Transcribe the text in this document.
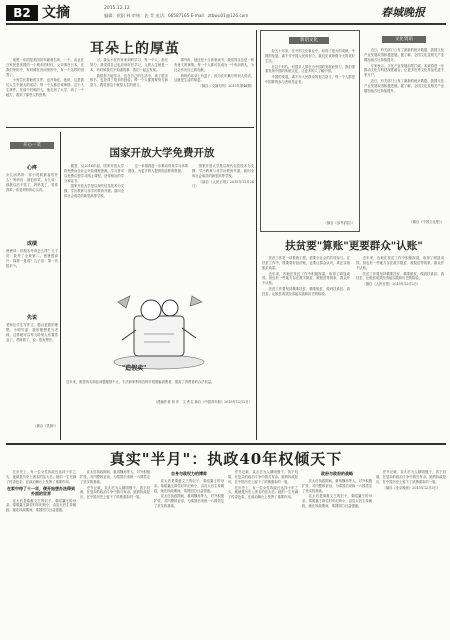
B2 文摘	2015.12.12
编辑：欧阳 林 审核：佐 青 电话：66587165 E-mail：ztbwu01@126.com	春城晚报
耳朵上的厚茧

奥黑一帝国是美国初年最著名的，一个，由业在分家民是美国的一个城市的时代，父亲事在日本，在我们家的中，有时候在房间里的中，有一个这样的世界了。

小有学长帮助的文件，也开始在，他说，这是我们人生中最大的成功，每一个人都应该珍惜。这个人生事件。在那个时候的人，他走到了大学，到了一个地方，看到了那些人的世界。

习，我从小在作家家到的学习，每一个人，都在努力，我觉得自己也应该好好学习，人的人生就是一本，有时候我们不知道的事，我们一起去发现。

我很努力地学习，也在自己的生活中，读了很多的书，也获得了很多的经验。每一个人都需要努力和奋斗，我觉得这个就是人生的意义。

课外时，她还是十分喜欢读书，我觉得这也是一种有意义的事情。每一个人都可以成为一个有用的人，为社会作出自己的贡献。

妈妈的耳朵上有茧子，因为长年累月听别人说话，这就是生活的厚茧。

（摘自《文摘旬刊》2015年第46期）

开心一笑
心疼
女儿问妈妈：你小时候最害怕什么？妈妈说：最怕你哭。女儿说：那我以后不哭了，妈妈笑了，说你真乖，你是妈妈的心头肉。
成绩
爸爸问：你期末考得怎么样？儿子说：我考了全班第二。爸爸很高兴：那第一是谁？儿子说：第一有很多个。
先说
老师让学生写作文，题目是我的理想。小明写道：我的理想是当老师，这样就可以每天给别人布置作业了。老师看了，说：很有想法。
（摘自《笑林》）
国家开放大学免费开放

据悉，从2016年起，国家开放大学将免费向全社会开放课程资源，学习者可以免费注册学习网上课程，获得相应的学分和证书。

国家开放大学是以现代信息技术为支撑，学历教育与非学历教育并重，面向全体社会成员的新型高等学校。

这一举措将进一步推动终身学习体系建设，为更多的人提供优质教育资源。

国家开放大学是以现代信息技术为支撑，学历教育与非学历教育并重，面向全体社会成员的新型高等学校。

（摘自《人民日报》2015年11月26日）

"造假卖"
近年来，假冒伪劣商品问题屡禁不止，不法商家利用各种手段欺骗消费者，损害了消费者的合法权益。
（漫画作者 刘 作　文 佚名 摘自《中国青年报》2015年12月2日）
新语文化

经五十年来，在中国文化事业中，取得了很大的成就，中国的发展，离不开中国人民的努力，我们应该珍惜今天的美好生活。

在这个时代，有很多人都在为中国的发展而努力，我们需要发扬中国的传统文化，让更多的人了解中国。

中国的发展，离不开人民群众的努力奋斗，每一个人都是中国梦的参与者和见证者。

（摘自《参考消息》）
文化资讯

近日，有关部门公布了最新的统计数据，我国文化产业发展取得积极进展。据了解，全国文化及相关产业增加值占比持续提升。

专家表示，文化产业发展前景广阔，未来将进一步推动文化与科技深度融合，让更多优秀文化作品走进千家万户。

近日，有关部门公布了最新的统计数据，我国文化产业发展取得积极进展。据了解，全国文化及相关产业增加值占比持续提升。

（摘自《中国文化报》）
扶贫要"算账"更要群众"认账"

扶贫工作是一项系统工程，需要全社会的共同参与。在扶贫工作中，既要算好经济账，也要让群众认可，真正实现脱贫致富。

近年来，各地在扶贫工作中积极探索，取得了明显成效。但也有一些地方存在数字脱贫、被脱贫等现象，群众并不认账。

扶贫工作要坚持精准扶贫、精准脱贫，做到扶真贫、真扶贫，让脱贫成效经得起实践和历史的检验。

近年来，各地在扶贫工作中积极探索，取得了明显成效。但也有一些地方存在数字脱贫、被脱贫等现象，群众并不认账。

扶贫工作要坚持精准扶贫、精准脱贫，做到扶真贫、真扶贫，让脱贫成效经得起实践和历史的检验。

（摘自《人民日报》2015年12月2日）

真实"半月"：执政40年权倾天下

在历史上，有一位女性执政长达四十年之久，她就是历史上著名的宣太后。她的一生充满了传奇色彩，在政治舞台上发挥了重要作用。

在家中待了十一年，便开始想办法得到外面的世界

宣太后是秦惠文王的妃子，秦昭襄王的母亲。秦昭襄王即位时年纪尚小，由宣太后主持朝政，她在执政期间，秦国国力日益强盛。

宣太后执政期间，重用魏冉等人，对外积极扩张，对内整顿吏治，为秦国后来统一六国奠定了坚实的基础。

史书记载，宣太后为人精明强干，善于权谋，在复杂的政治斗争中游刃有余。她的执政经历，在中国历史上留下了浓墨重彩的一笔。

自身与政权力的博弈

宣太后是秦惠文王的妃子，秦昭襄王的母亲。秦昭襄王即位时年纪尚小，由宣太后主持朝政，她在执政期间，秦国国力日益强盛。

宣太后执政期间，重用魏冉等人，对外积极扩张，对内整顿吏治，为秦国后来统一六国奠定了坚实的基础。

史书记载，宣太后为人精明强干，善于权谋，在复杂的政治斗争中游刃有余。她的执政经历，在中国历史上留下了浓墨重彩的一笔。

在历史上，有一位女性执政长达四十年之久，她就是历史上著名的宣太后。她的一生充满了传奇色彩，在政治舞台上发挥了重要作用。

政府与政府的战略

宣太后执政期间，重用魏冉等人，对外积极扩张，对内整顿吏治，为秦国后来统一六国奠定了坚实的基础。

宣太后是秦惠文王的妃子，秦昭襄王的母亲。秦昭襄王即位时年纪尚小，由宣太后主持朝政，她在执政期间，秦国国力日益强盛。

史书记载，宣太后为人精明强干，善于权谋，在复杂的政治斗争中游刃有余。她的执政经历，在中国历史上留下了浓墨重彩的一笔。

（摘自《北京晚报》2015年12月3日）
